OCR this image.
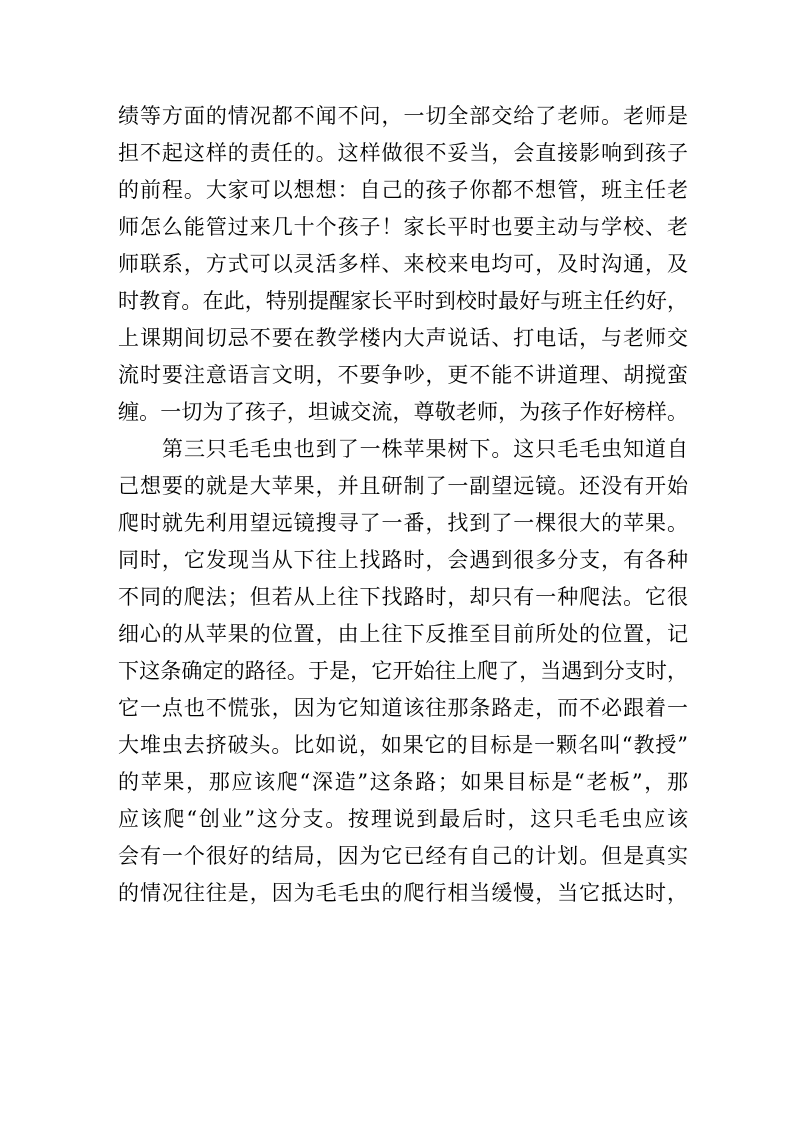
绩等方面的情况都不闻不问，一切全部交给了老师。老师是
担不起这样的责任的。这样做很不妥当，会直接影响到孩子
的前程。大家可以想想：自己的孩子你都不想管，班主任老
师怎么能管过来几十个孩子！家长平时也要主动与学校、老
师联系，方式可以灵活多样、来校来电均可，及时沟通，及
时教育。在此，特别提醒家长平时到校时最好与班主任约好，
上课期间切忌不要在教学楼内大声说话、打电话，与老师交
流时要注意语言文明，不要争吵，更不能不讲道理、胡搅蛮
缠。一切为了孩子，坦诚交流，尊敬老师，为孩子作好榜样。
第三只毛毛虫也到了一株苹果树下。这只毛毛虫知道自
己想要的就是大苹果，并且研制了一副望远镜。还没有开始
爬时就先利用望远镜搜寻了一番，找到了一棵很大的苹果。
同时，它发现当从下往上找路时，会遇到很多分支，有各种
不同的爬法；但若从上往下找路时，却只有一种爬法。它很
细心的从苹果的位置，由上往下反推至目前所处的位置，记
下这条确定的路径。于是，它开始往上爬了，当遇到分支时，
它一点也不慌张，因为它知道该往那条路走，而不必跟着一
大堆虫去挤破头。比如说，如果它的目标是一颗名叫“教授”
的苹果，那应该爬“深造”这条路；如果目标是“老板”，那
应该爬“创业”这分支。按理说到最后时，这只毛毛虫应该
会有一个很好的结局，因为它已经有自己的计划。但是真实
的情况往往是，因为毛毛虫的爬行相当缓慢，当它抵达时，
